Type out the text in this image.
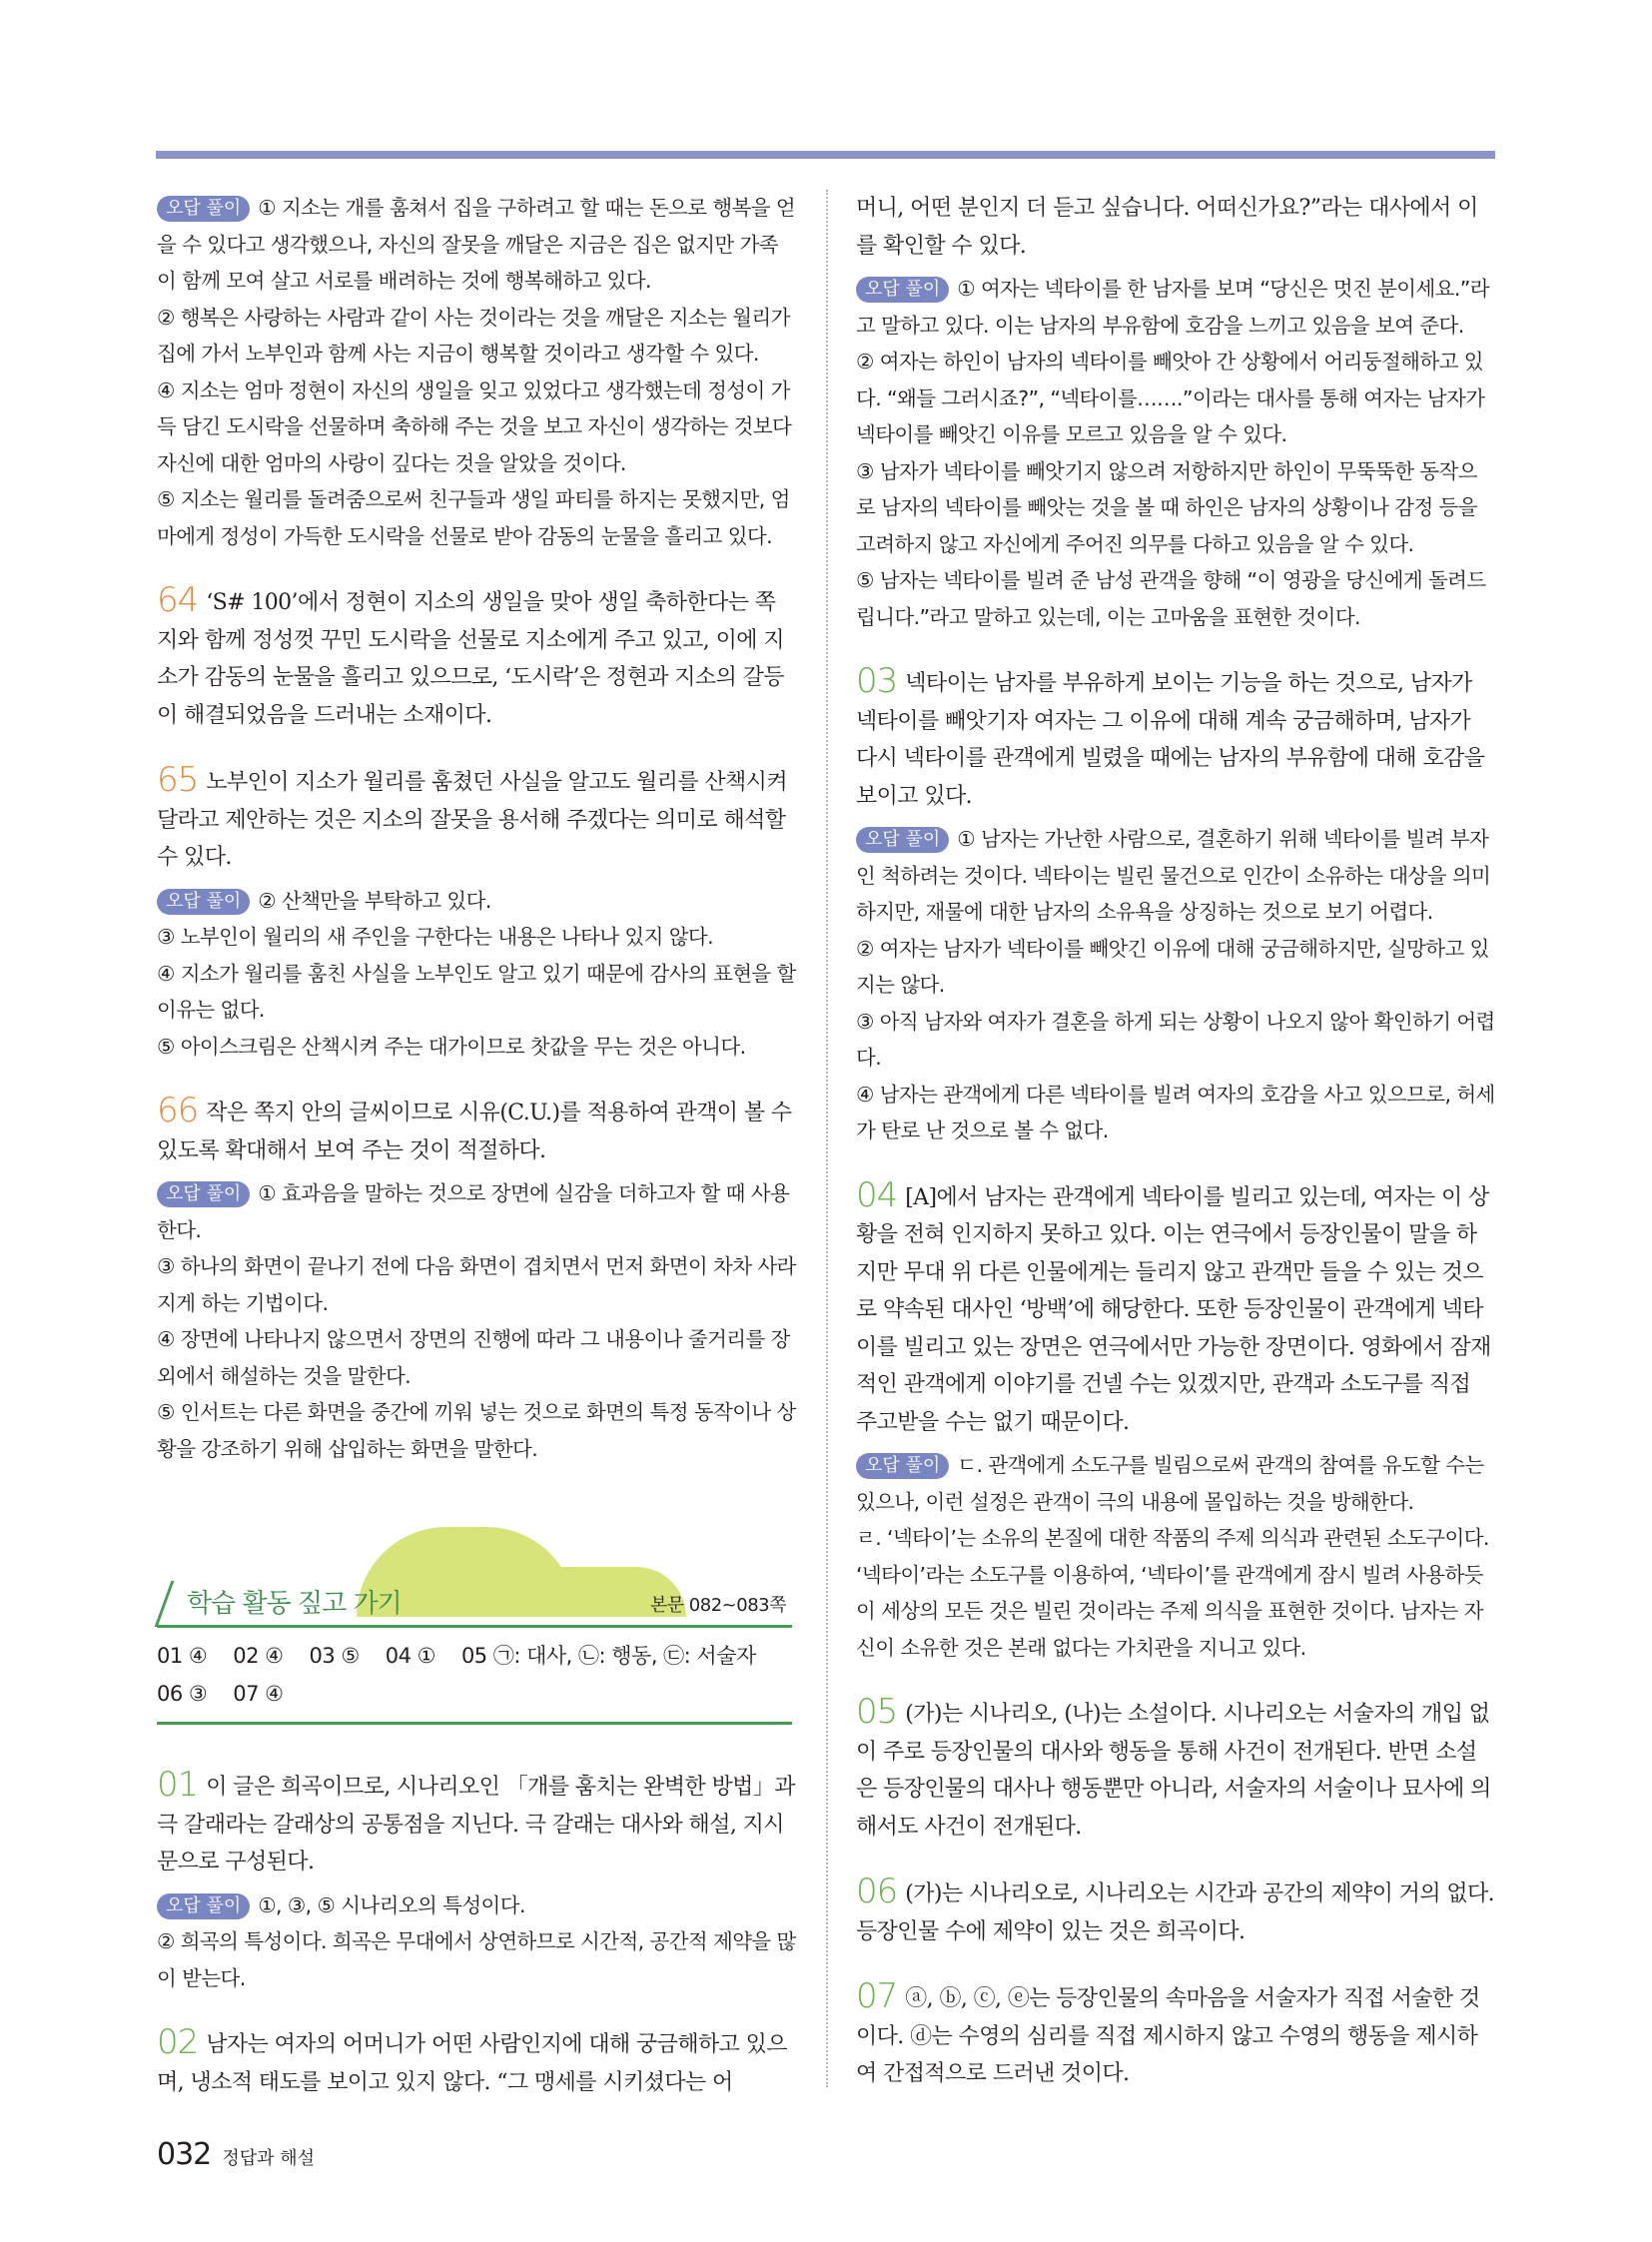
오답 풀이 ① 지소는 개를 훔쳐서 집을 구하려고 할 때는 돈으로 행복을 얻을 수 있다고 생각했으나, 자신의 잘못을 깨달은 지금은 집은 없지만 가족이 함께 모여 살고 서로를 배려하는 것에 행복해하고 있다.

② 행복은 사랑하는 사람과 같이 사는 것이라는 것을 깨달은 지소는 월리가 집에 가서 노부인과 함께 사는 지금이 행복할 것이라고 생각할 수 있다.

④ 지소는 엄마 정현이 자신의 생일을 잊고 있었다고 생각했는데 정성이 가득 담긴 도시락을 선물하며 축하해 주는 것을 보고 자신이 생각하는 것보다 자신에 대한 엄마의 사랑이 깊다는 것을 알았을 것이다.

⑤ 지소는 월리를 돌려줌으로써 친구들과 생일 파티를 하지는 못했지만, 엄마에게 정성이 가득한 도시락을 선물로 받아 감동의 눈물을 흘리고 있다.

64 ‘S# 100’에서 정현이 지소의 생일을 맞아 생일 축하한다는 쪽지와 함께 정성껏 꾸민 도시락을 선물로 지소에게 주고 있고, 이에 지소가 감동의 눈물을 흘리고 있으므로, ‘도시락’은 정현과 지소의 갈등이 해결되었음을 드러내는 소재이다.

65 노부인이 지소가 월리를 훔쳤던 사실을 알고도 월리를 산책시켜 달라고 제안하는 것은 지소의 잘못을 용서해 주겠다는 의미로 해석할 수 있다.

오답 풀이 ② 산책만을 부탁하고 있다.

③ 노부인이 월리의 새 주인을 구한다는 내용은 나타나 있지 않다.

④ 지소가 월리를 훔친 사실을 노부인도 알고 있기 때문에 감사의 표현을 할 이유는 없다.

⑤ 아이스크림은 산책시켜 주는 대가이므로 찻값을 무는 것은 아니다.

66 작은 쪽지 안의 글씨이므로 시유(C.U.)를 적용하여 관객이 볼 수 있도록 확대해서 보여 주는 것이 적절하다.

오답 풀이 ① 효과음을 말하는 것으로 장면에 실감을 더하고자 할 때 사용한다.

③ 하나의 화면이 끝나기 전에 다음 화면이 겹치면서 먼저 화면이 차차 사라지게 하는 기법이다.

④ 장면에 나타나지 않으면서 장면의 진행에 따라 그 내용이나 줄거리를 장외에서 해설하는 것을 말한다.

⑤ 인서트는 다른 화면을 중간에 끼워 넣는 것으로 화면의 특정 동작이나 상황을 강조하기 위해 삽입하는 화면을 말한다.

학습 활동 짚고 가기	본문 082~083쪽
01 ④ 02 ④ 03 ⑤ 04 ① 05 ㉠: 대사, ㉡: 행동, ㉢: 서술자06 ③ 07 ④

01 이 글은 희곡이므로, 시나리오인 「개를 훔치는 완벽한 방법」과 극 갈래라는 갈래상의 공통점을 지닌다. 극 갈래는 대사와 해설, 지시문으로 구성된다.

오답 풀이 ①, ③, ⑤ 시나리오의 특성이다.

② 희곡의 특성이다. 희곡은 무대에서 상연하므로 시간적, 공간적 제약을 많이 받는다.

02 남자는 여자의 어머니가 어떤 사람인지에 대해 궁금해하고 있으며, 냉소적 태도를 보이고 있지 않다. “그 맹세를 시키셨다는 어

머니, 어떤 분인지 더 듣고 싶습니다. 어떠신가요?”라는 대사에서 이를 확인할 수 있다.

오답 풀이 ① 여자는 넥타이를 한 남자를 보며 “당신은 멋진 분이세요.”라고 말하고 있다. 이는 남자의 부유함에 호감을 느끼고 있음을 보여 준다.

② 여자는 하인이 남자의 넥타이를 빼앗아 간 상황에서 어리둥절해하고 있다. “왜들 그러시죠?”, “넥타이를…….”이라는 대사를 통해 여자는 남자가 넥타이를 빼앗긴 이유를 모르고 있음을 알 수 있다.

③ 남자가 넥타이를 빼앗기지 않으려 저항하지만 하인이 무뚝뚝한 동작으로 남자의 넥타이를 빼앗는 것을 볼 때 하인은 남자의 상황이나 감정 등을 고려하지 않고 자신에게 주어진 의무를 다하고 있음을 알 수 있다.

⑤ 남자는 넥타이를 빌려 준 남성 관객을 향해 “이 영광을 당신에게 돌려드립니다.”라고 말하고 있는데, 이는 고마움을 표현한 것이다.

03 넥타이는 남자를 부유하게 보이는 기능을 하는 것으로, 남자가 넥타이를 빼앗기자 여자는 그 이유에 대해 계속 궁금해하며, 남자가 다시 넥타이를 관객에게 빌렸을 때에는 남자의 부유함에 대해 호감을 보이고 있다.

오답 풀이 ① 남자는 가난한 사람으로, 결혼하기 위해 넥타이를 빌려 부자인 척하려는 것이다. 넥타이는 빌린 물건으로 인간이 소유하는 대상을 의미하지만, 재물에 대한 남자의 소유욕을 상징하는 것으로 보기 어렵다.

② 여자는 남자가 넥타이를 빼앗긴 이유에 대해 궁금해하지만, 실망하고 있지는 않다.

③ 아직 남자와 여자가 결혼을 하게 되는 상황이 나오지 않아 확인하기 어렵다.

④ 남자는 관객에게 다른 넥타이를 빌려 여자의 호감을 사고 있으므로, 허세가 탄로 난 것으로 볼 수 없다.

04 [A]에서 남자는 관객에게 넥타이를 빌리고 있는데, 여자는 이 상황을 전혀 인지하지 못하고 있다. 이는 연극에서 등장인물이 말을 하지만 무대 위 다른 인물에게는 들리지 않고 관객만 들을 수 있는 것으로 약속된 대사인 ‘방백’에 해당한다. 또한 등장인물이 관객에게 넥타이를 빌리고 있는 장면은 연극에서만 가능한 장면이다. 영화에서 잠재적인 관객에게 이야기를 건넬 수는 있겠지만, 관객과 소도구를 직접 주고받을 수는 없기 때문이다.

오답 풀이 ㄷ. 관객에게 소도구를 빌림으로써 관객의 참여를 유도할 수는 있으나, 이런 설정은 관객이 극의 내용에 몰입하는 것을 방해한다.

ㄹ. ‘넥타이’는 소유의 본질에 대한 작품의 주제 의식과 관련된 소도구이다. ‘넥타이’라는 소도구를 이용하여, ‘넥타이’를 관객에게 잠시 빌려 사용하듯이 세상의 모든 것은 빌린 것이라는 주제 의식을 표현한 것이다. 남자는 자신이 소유한 것은 본래 없다는 가치관을 지니고 있다.

05 (가)는 시나리오, (나)는 소설이다. 시나리오는 서술자의 개입 없이 주로 등장인물의 대사와 행동을 통해 사건이 전개된다. 반면 소설은 등장인물의 대사나 행동뿐만 아니라, 서술자의 서술이나 묘사에 의해서도 사건이 전개된다.

06 (가)는 시나리오로, 시나리오는 시간과 공간의 제약이 거의 없다. 등장인물 수에 제약이 있는 것은 희곡이다.

07 ⓐ, ⓑ, ⓒ, ⓔ는 등장인물의 속마음을 서술자가 직접 서술한 것이다. ⓓ는 수영의 심리를 직접 제시하지 않고 수영의 행동을 제시하여 간접적으로 드러낸 것이다.

032 정답과 해설
